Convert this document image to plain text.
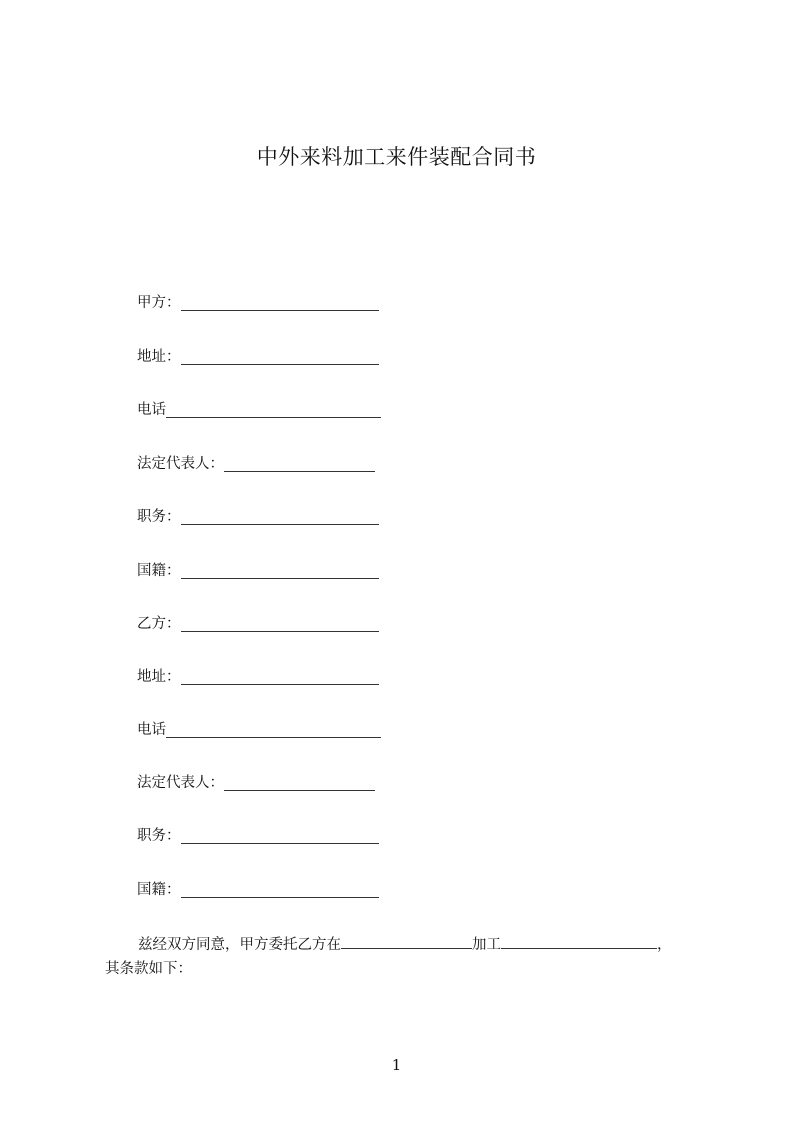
中外来料加工来件装配合同书
甲方：
地址：
电话
法定代表人：
职务：
国籍：
乙方：
地址：
电话
法定代表人：
职务：
国籍：
兹经双方同意，甲方委托乙方在	加工	，
其条款如下：
1
